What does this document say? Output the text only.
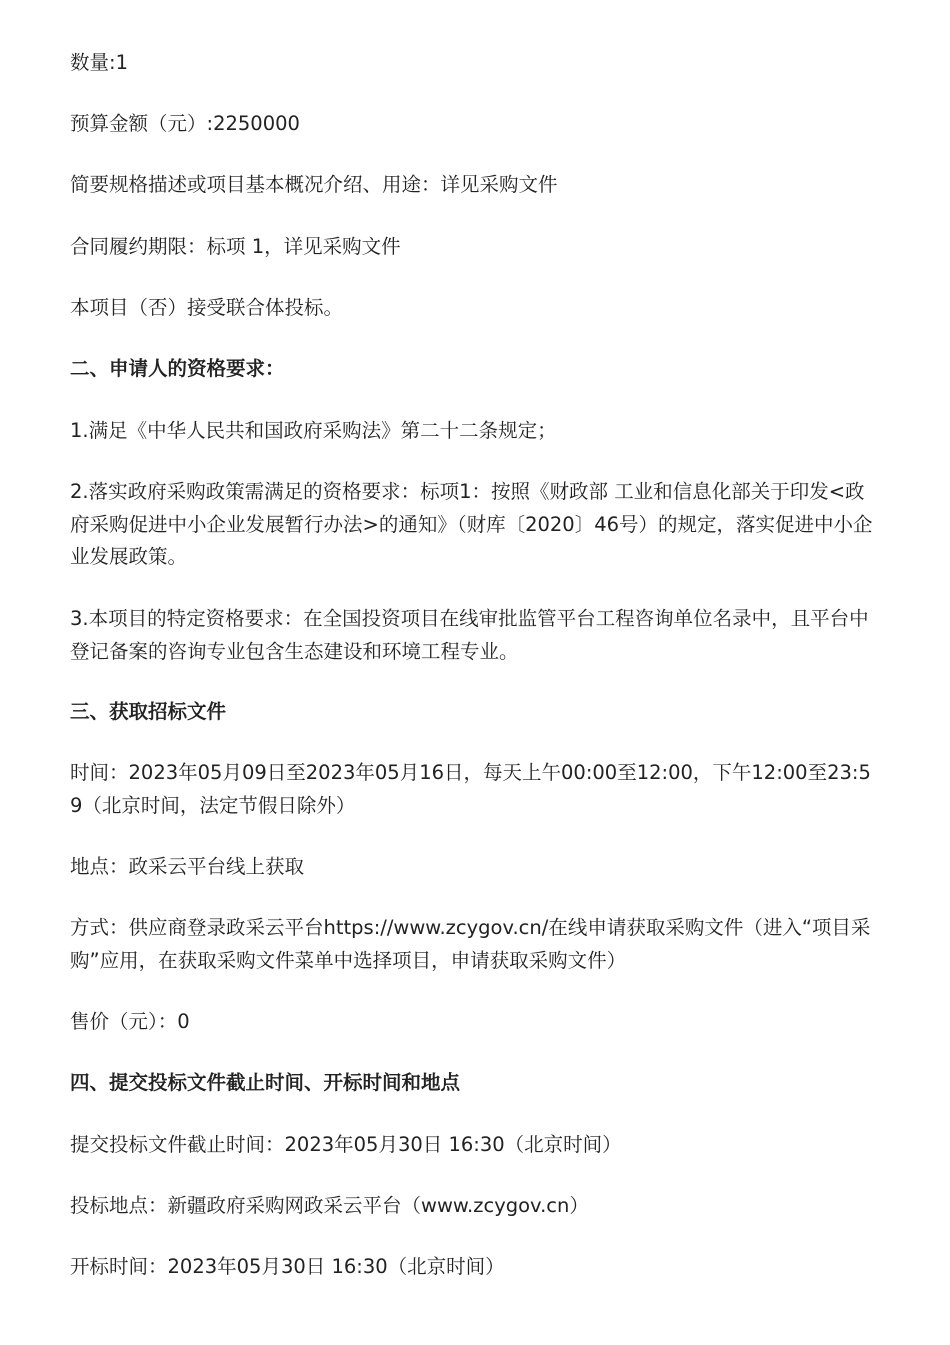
数量:1

预算金额（元）:2250000

简要规格描述或项目基本概况介绍、用途：详见采购文件

合同履约期限：标项 1，详见采购文件

本项目（否）接受联合体投标。

二、申请人的资格要求：

1.满足《中华人民共和国政府采购法》第二十二条规定；

2.落实政府采购政策需满足的资格要求：标项1：按照《财政部 工业和信息化部关于印发<政府采购促进中小企业发展暂行办法>的通知》（财库〔2020〕46号）的规定，落实促进中小企业发展政策。

3.本项目的特定资格要求：在全国投资项目在线审批监管平台工程咨询单位名录中，且平台中登记备案的咨询专业包含生态建设和环境工程专业。

三、获取招标文件

时间：2023年05月09日至2023年05月16日，每天上午00:00至12:00，下午12:00至23:59（北京时间，法定节假日除外）

地点：政采云平台线上获取

方式：供应商登录政采云平台https://www.zcygov.cn/在线申请获取采购文件（进入“项目采购”应用，在获取采购文件菜单中选择项目，申请获取采购文件）

售价（元）：0

四、提交投标文件截止时间、开标时间和地点

提交投标文件截止时间：2023年05月30日 16:30（北京时间）

投标地点：新疆政府采购网政采云平台（www.zcygov.cn）

开标时间：2023年05月30日 16:30（北京时间）
